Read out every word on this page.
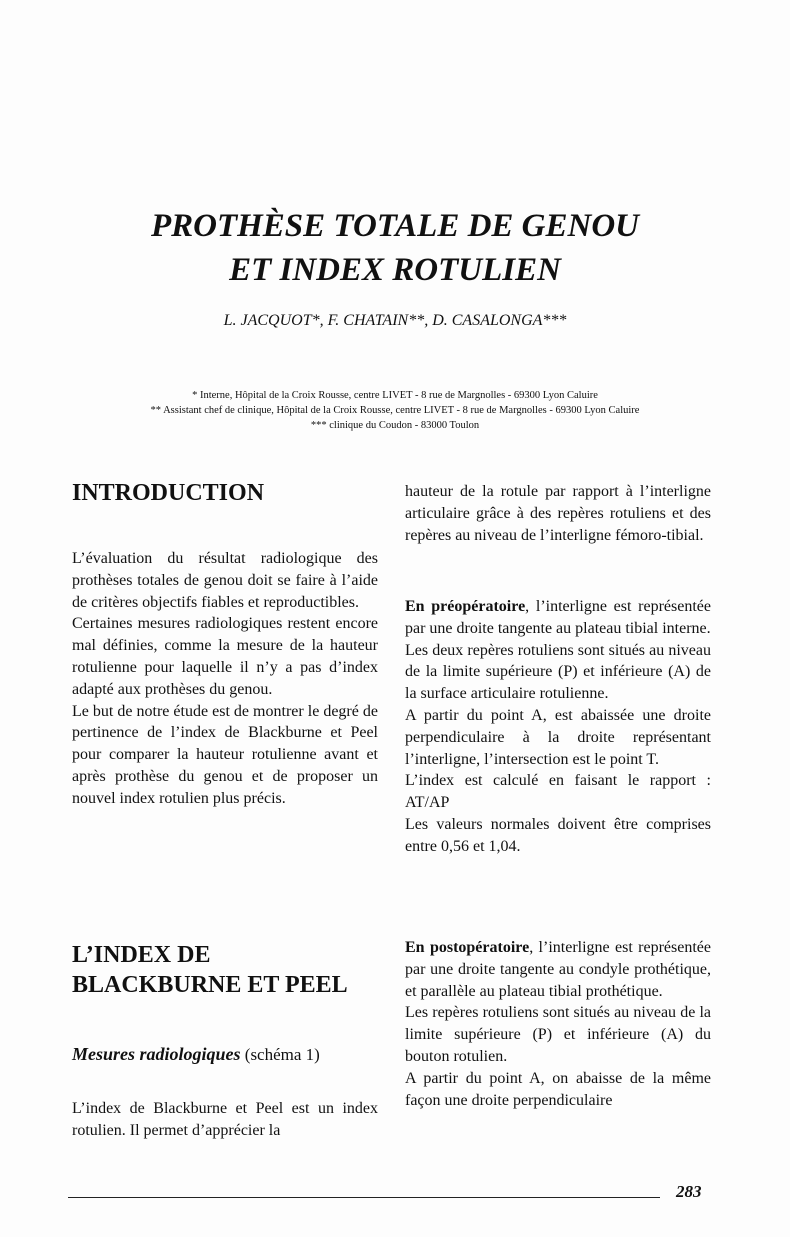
PROTHÈSE TOTALE DE GENOU
ET INDEX ROTULIEN
L. JACQUOT*, F. CHATAIN**, D. CASALONGA***
* Interne, Hôpital de la Croix Rousse, centre LIVET - 8 rue de Margnolles - 69300 Lyon Caluire
** Assistant chef de clinique, Hôpital de la Croix Rousse, centre LIVET - 8 rue de Margnolles - 69300 Lyon Caluire
*** clinique du Coudon - 83000 Toulon
INTRODUCTION

L’évaluation du résultat radiologique des prothèses totales de genou doit se faire à l’aide de critères objectifs fiables et reproductibles.

Certaines mesures radiologiques restent encore mal définies, comme la mesure de la hauteur rotulienne pour laquelle il n’y a pas d’index adapté aux prothèses du genou.

Le but de notre étude est de montrer le degré de pertinence de l’index de Blackburne et Peel pour comparer la hauteur rotulienne avant et après prothèse du genou et de proposer un nouvel index rotulien plus précis.

L’INDEX DE
BLACKBURNE ET PEEL
Mesures radiologiques (schéma 1)

L’index de Blackburne et Peel est un index rotulien. Il permet d’apprécier la

hauteur de la rotule par rapport à l’interligne articulaire grâce à des repères rotuliens et des repères au niveau de l’interligne fémoro-tibial.

En préopératoire, l’interligne est représentée par une droite tangente au plateau tibial interne.

Les deux repères rotuliens sont situés au niveau de la limite supérieure (P) et inférieure (A) de la surface articulaire rotulienne.

A partir du point A, est abaissée une droite perpendiculaire à la droite représentant l’interligne, l’intersection est le point T.

L’index est calculé en faisant le rapport : AT/AP

Les valeurs normales doivent être comprises entre 0,56 et 1,04.

En postopératoire, l’interligne est représentée par une droite tangente au condyle prothétique, et parallèle au plateau tibial prothétique.

Les repères rotuliens sont situés au niveau de la limite supérieure (P) et inférieure (A) du bouton rotulien.

A partir du point A, on abaisse de la même façon une droite perpendiculaire

283
